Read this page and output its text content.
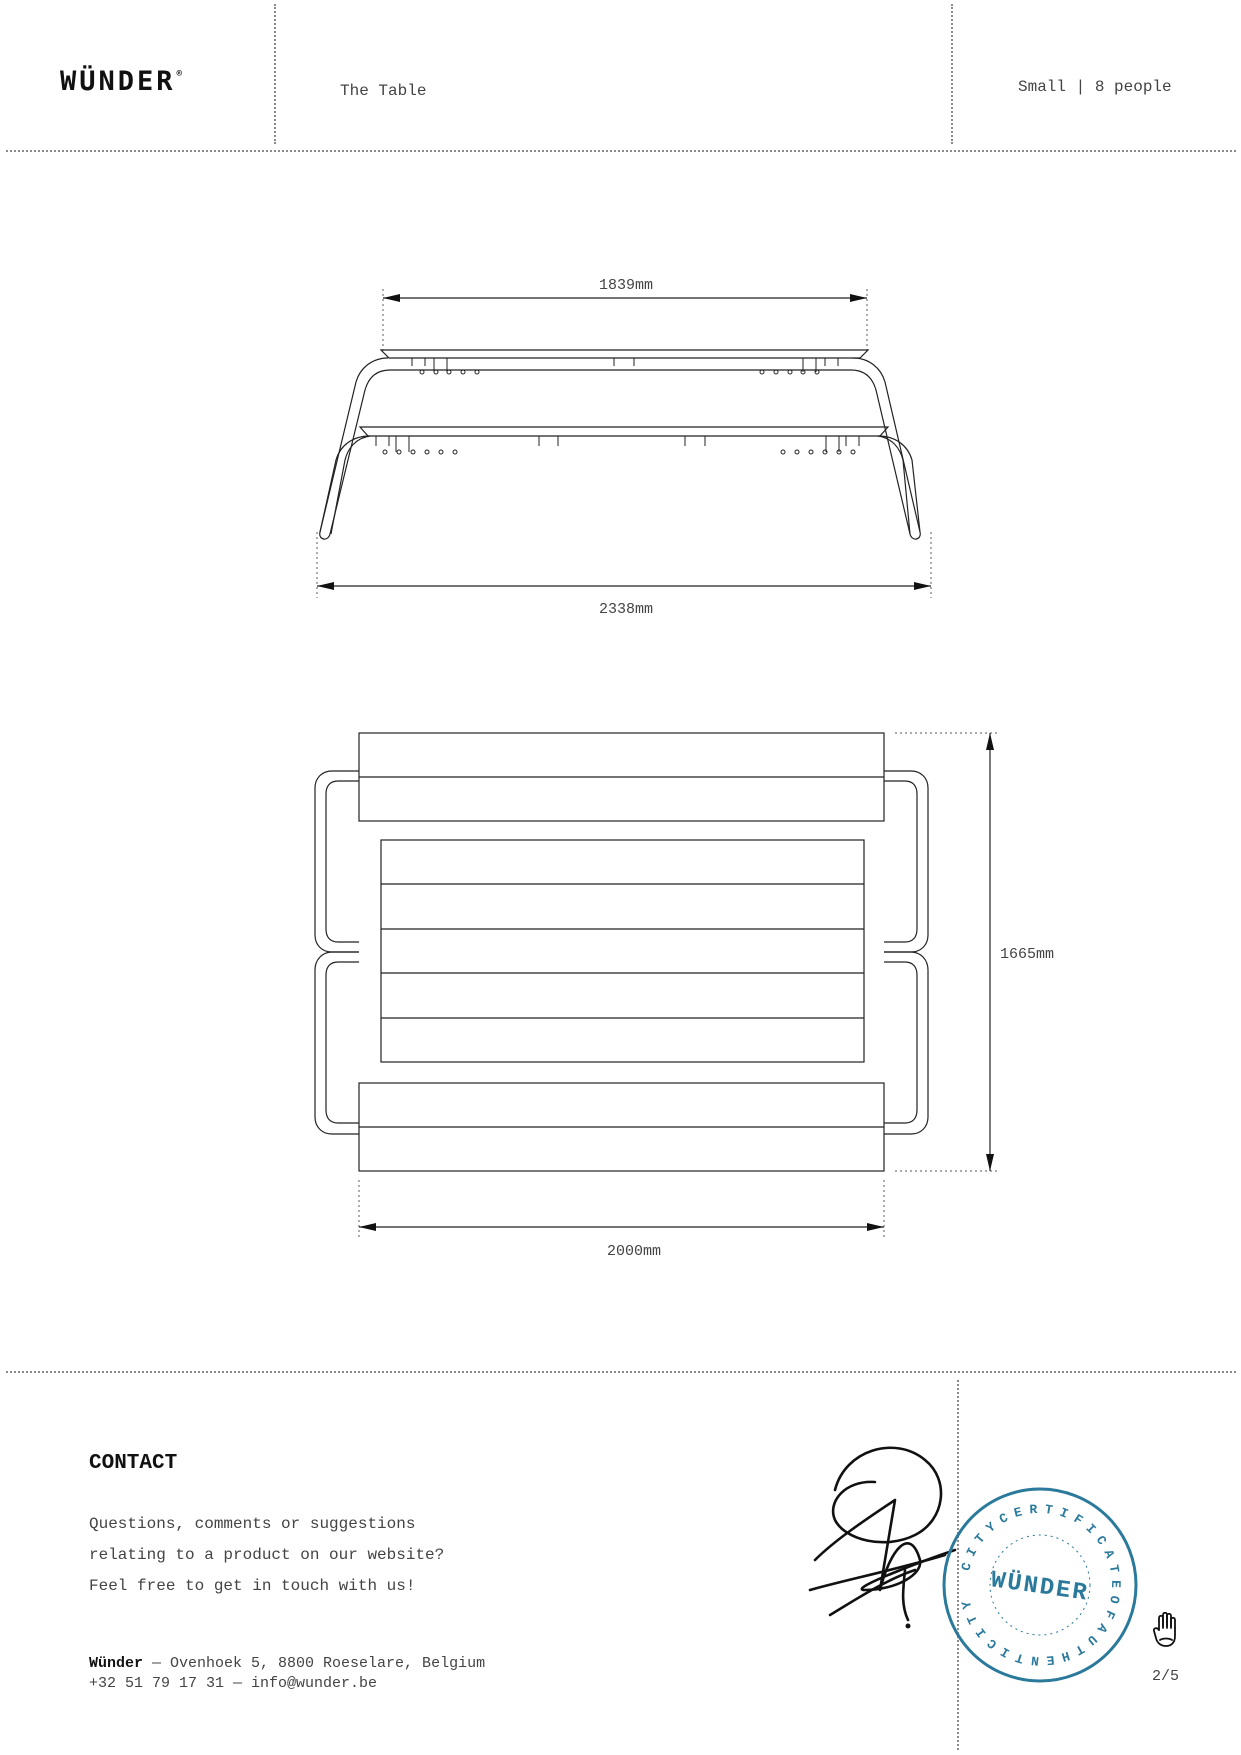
WÜNDER®
The Table	Small | 8 people
1839mm
2338mm
1665mm
2000mm
CONTACT
Questions, comments or suggestions
relating to a product on our website?
Feel free to get in touch with us!
Wünder — Ovenhoek 5, 8800 Roeselare, Belgium
+32 51 79 17 31 — info@wunder.be
CITYCERTIFICATEOFAUTHENTICITY WÜNDER
2/5
